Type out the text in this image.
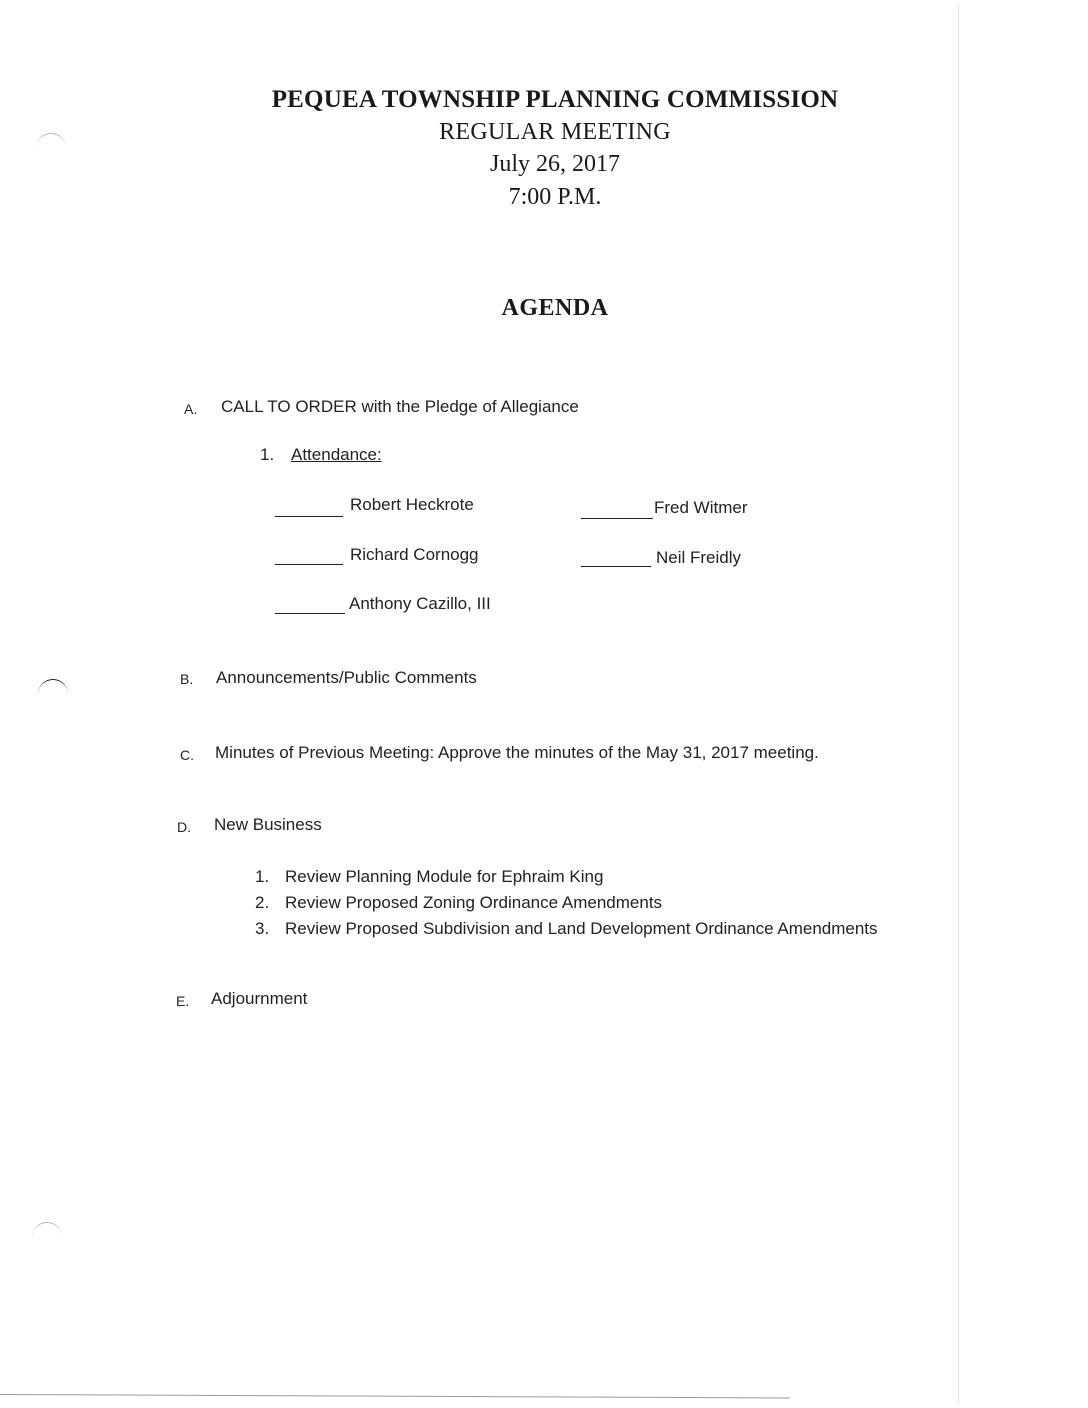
PEQUEA TOWNSHIP PLANNING COMMISSION
REGULAR MEETING
July 26, 2017
7:00 P.M.
AGENDA
A. CALL TO ORDER with the Pledge of Allegiance
1. Attendance:
Robert Heckrote	Fred Witmer
Richard Cornogg	Neil Freidly
Anthony Cazillo, III
B. Announcements/Public Comments
C. Minutes of Previous Meeting: Approve the minutes of the May 31, 2017 meeting.
D. New Business
1. Review Planning Module for Ephraim King
2. Review Proposed Zoning Ordinance Amendments
3. Review Proposed Subdivision and Land Development Ordinance Amendments
E. Adjournment
